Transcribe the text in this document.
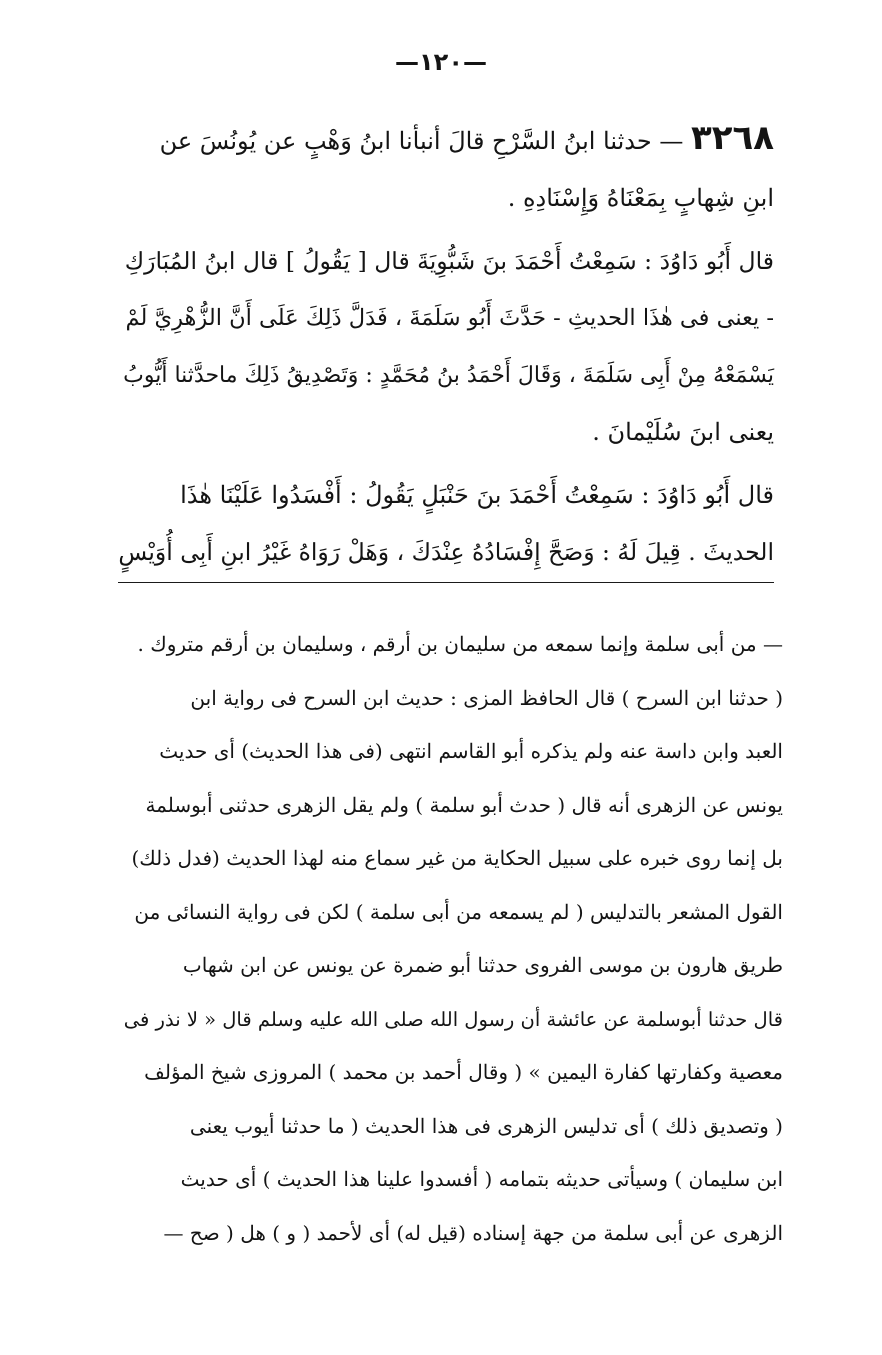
—١٢٠—

٣٢٦٨ — حدثنا ابنُ السَّرْحِ قالَ أنبأنا ابنُ وَهْبٍ عن يُونُسَ عن

ابنِ شِهابٍ بِمَعْنَاهُ وَإِسْنَادِهِ .

قال أَبُو دَاوُدَ : سَمِعْتُ أَحْمَدَ بنَ شَبُّوِيَةَ قال [ يَقُولُ ] قال ابنُ المُبَارَكِ

- يعنى فى هٰذَا الحديثِ - حَدَّثَ أَبُو سَلَمَةَ ، فَدَلَّ ذَلِكَ عَلَى أَنَّ الزُّهْرِيَّ لَمْ

يَسْمَعْهُ مِنْ أَبِى سَلَمَةَ ، وَقَالَ أَحْمَدُ بنُ مُحَمَّدٍ : وَتَصْدِيقُ ذَلِكَ ماحدَّثنا أَيُّوبُ

يعنى ابنَ سُلَيْمانَ .

قال أَبُو دَاوُدَ : سَمِعْتُ أَحْمَدَ بنَ حَنْبَلٍ يَقُولُ : أَفْسَدُوا عَلَيْنَا هٰذَا

الحديثَ . قِيلَ لَهُ : وَصَحَّ إِفْسَادُهُ عِنْدَكَ ، وَهَلْ رَوَاهُ غَيْرُ ابنِ أَبِى أُوَيْسٍ

— من أبى سلمة وإنما سمعه من سليمان بن أرقم ، وسليمان بن أرقم متروك .

( حدثنا ابن السرح ) قال الحافظ المزى : حديث ابن السرح فى رواية ابن

العبد وابن داسة عنه ولم يذكره أبو القاسم انتهى (فى هذا الحديث) أى حديث

يونس عن الزهرى أنه قال ( حدث أبو سلمة ) ولم يقل الزهرى حدثنى أبوسلمة

بل إنما روى خبره على سبيل الحكاية من غير سماع منه لهذا الحديث (فدل ذلك)

القول المشعر بالتدليس ( لم يسمعه من أبى سلمة ) لكن فى رواية النسائى من

طريق هارون بن موسى الفروى حدثنا أبو ضمرة عن يونس عن ابن شهاب

قال حدثنا أبوسلمة عن عائشة أن رسول الله صلى الله عليه وسلم قال « لا نذر فى

معصية وكفارتها كفارة اليمين » ( وقال أحمد بن محمد ) المروزى شيخ المؤلف

( وتصديق ذلك ) أى تدليس الزهرى فى هذا الحديث ( ما حدثنا أيوب يعنى

ابن سليمان ) وسيأتى حديثه بتمامه ( أفسدوا علينا هذا الحديث ) أى حديث

الزهرى عن أبى سلمة من جهة إسناده (قيل له) أى لأحمد ( و ) هل ( صح —
